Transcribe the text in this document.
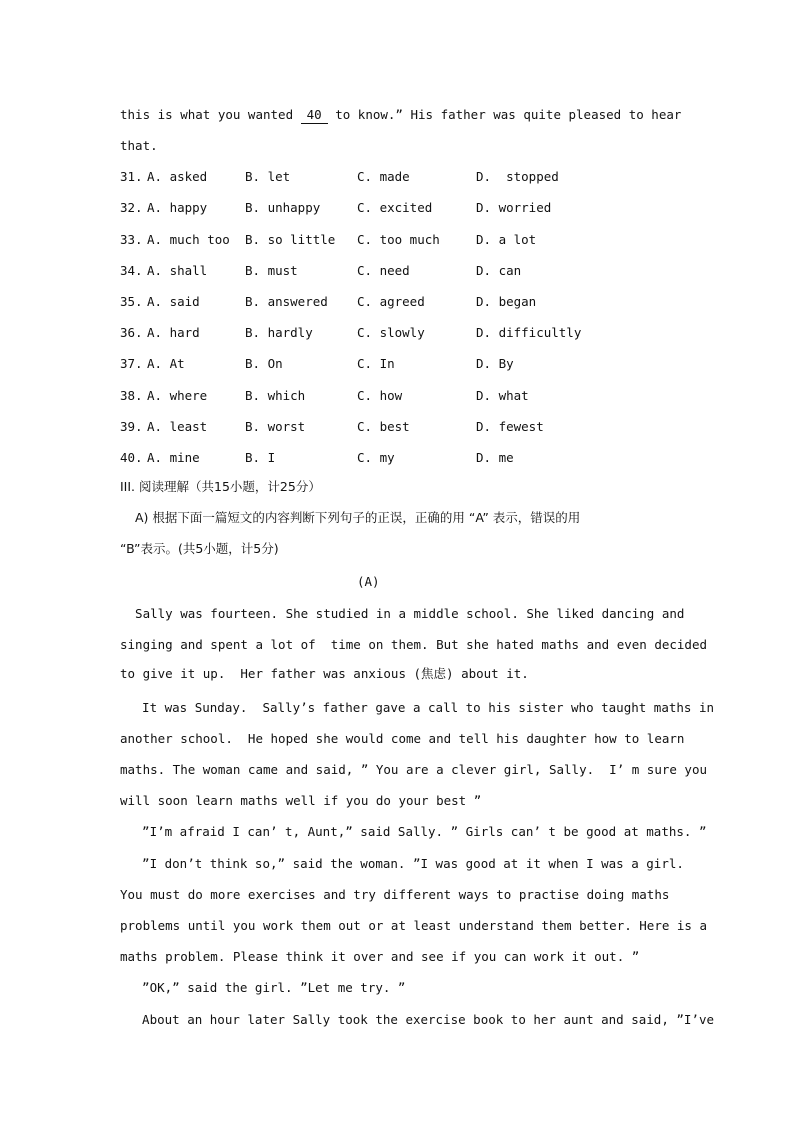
this is what you wanted 40 to know.” His father was quite pleased to hear
that.
31. A. asked	B. let	C. made	D.  stopped
32. A. happy	B. unhappy	C. excited	D. worried
33. A. much too B. so little C. too much	D. a lot
34. A. shall	B. must	C. need	D. can
35. A. said	B. answered C. agreed	D. began
36. A. hard	B. hardly	C. slowly	D. difficultly
37. A. At	B. On	C. In	D. By
38. A. where	B. which	C. how	D. what
39. A. least	B. worst	C. best	D. fewest
40. A. mine	B. I	C. my	D. me
III. 阅读理解（共15小题，计25分）
A) 根据下面一篇短文的内容判断下列句子的正误，正确的用 “A” 表示，错误的用
“B”表示。(共5小题，计5分)
(A)
Sally was fourteen. She studied in a middle school. She liked dancing and
singing and spent a lot of  time on them. But she hated maths and even decided
to give it up.  Her father was anxious (焦虑) about it.
It was Sunday.  Sally’s father gave a call to his sister who taught maths in
another school.  He hoped she would come and tell his daughter how to learn
maths. The woman came and said, ˮ You are a clever girl, Sally.  I’ m sure you
will soon learn maths well if you do your best ˮ
ˮI’m afraid I can’ t, Aunt,ˮ said Sally. ˮ Girls can’ t be good at maths. ˮ
ˮI don’t think so,ˮ said the woman. ˮI was good at it when I was a girl.
You must do more exercises and try different ways to practise doing maths
problems until you work them out or at least understand them better. Here is a
maths problem. Please think it over and see if you can work it out. ˮ
ˮOK,ˮ said the girl. ˮLet me try. ˮ
About an hour later Sally took the exercise book to her aunt and said, ˮI’ve
